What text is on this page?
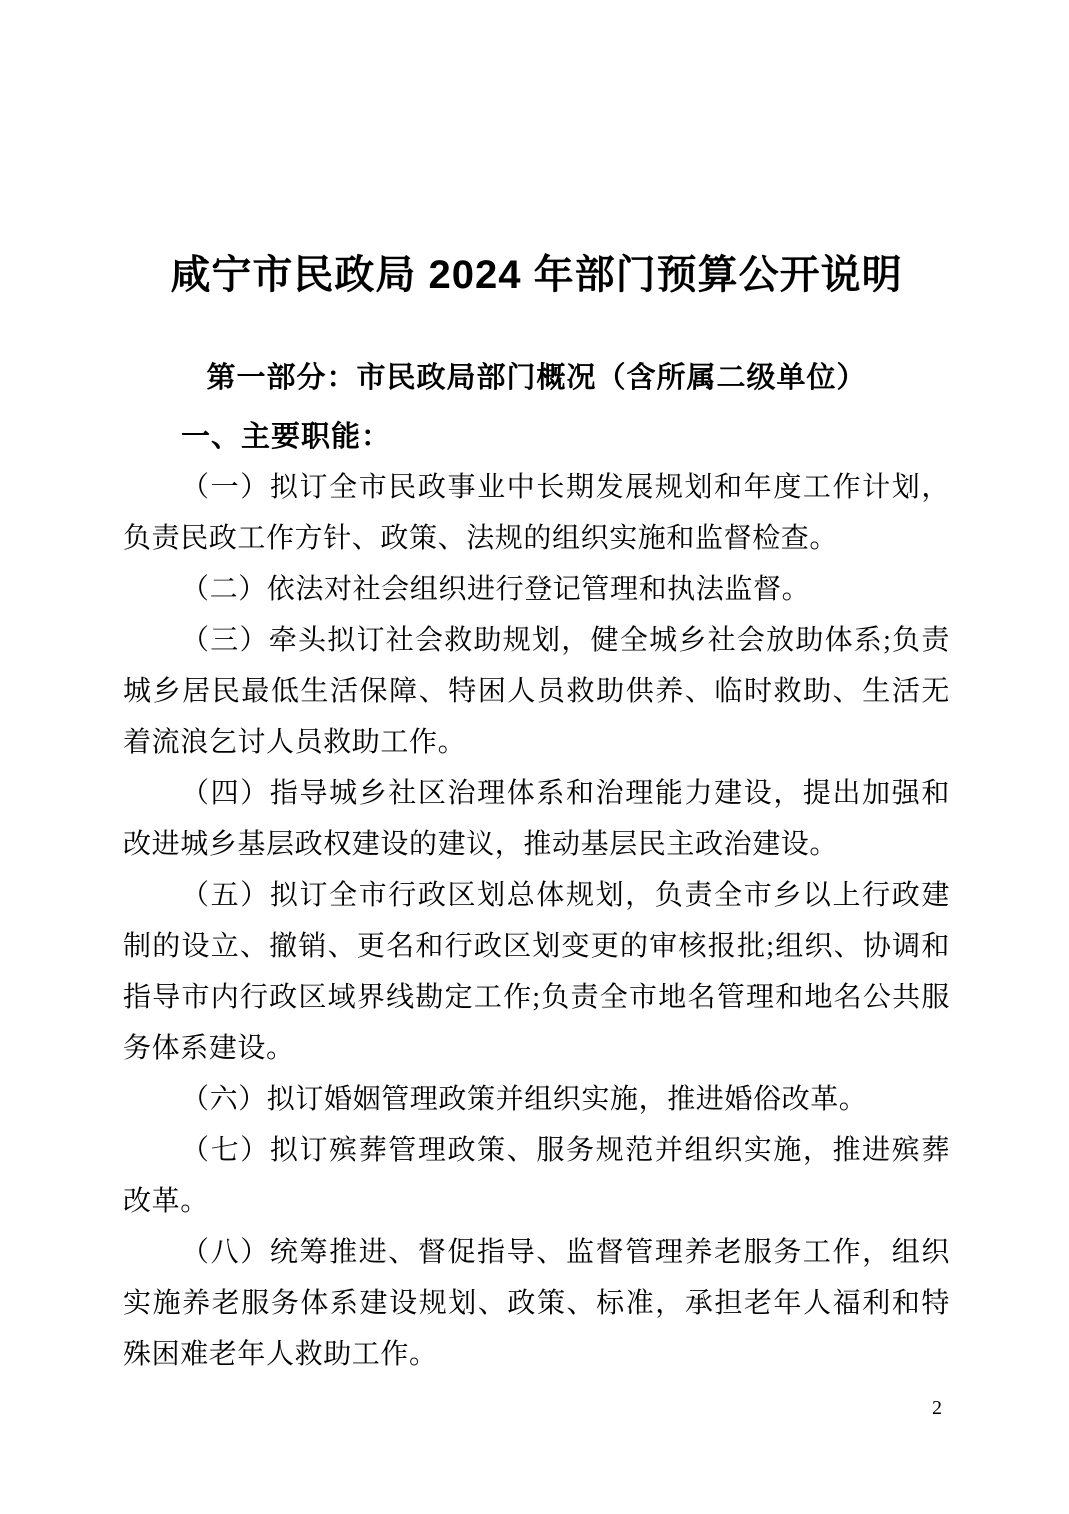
咸宁市民政局 2024 年部门预算公开说明
第一部分：市民政局部门概况（含所属二级单位）
一、主要职能：

（一）拟订全市民政事业中长期发展规划和年度工作计划，负责民政工作方针、政策、法规的组织实施和监督检查。

（二）依法对社会组织进行登记管理和执法监督。

（三）牵头拟订社会救助规划，健全城乡社会放助体系;负责城乡居民最低生活保障、特困人员救助供养、临时救助、生活无着流浪乞讨人员救助工作。

（四）指导城乡社区治理体系和治理能力建设，提出加强和改进城乡基层政权建设的建议，推动基层民主政治建设。

（五）拟订全市行政区划总体规划，负责全市乡以上行政建制的设立、撤销、更名和行政区划变更的审核报批;组织、协调和指导市内行政区域界线勘定工作;负责全市地名管理和地名公共服务体系建设。

（六）拟订婚姻管理政策并组织实施，推进婚俗改革。

（七）拟订殡葬管理政策、服务规范并组织实施，推进殡葬改革。

（八）统筹推进、督促指导、监督管理养老服务工作，组织实施养老服务体系建设规划、政策、标准，承担老年人福利和特殊困难老年人救助工作。

2
